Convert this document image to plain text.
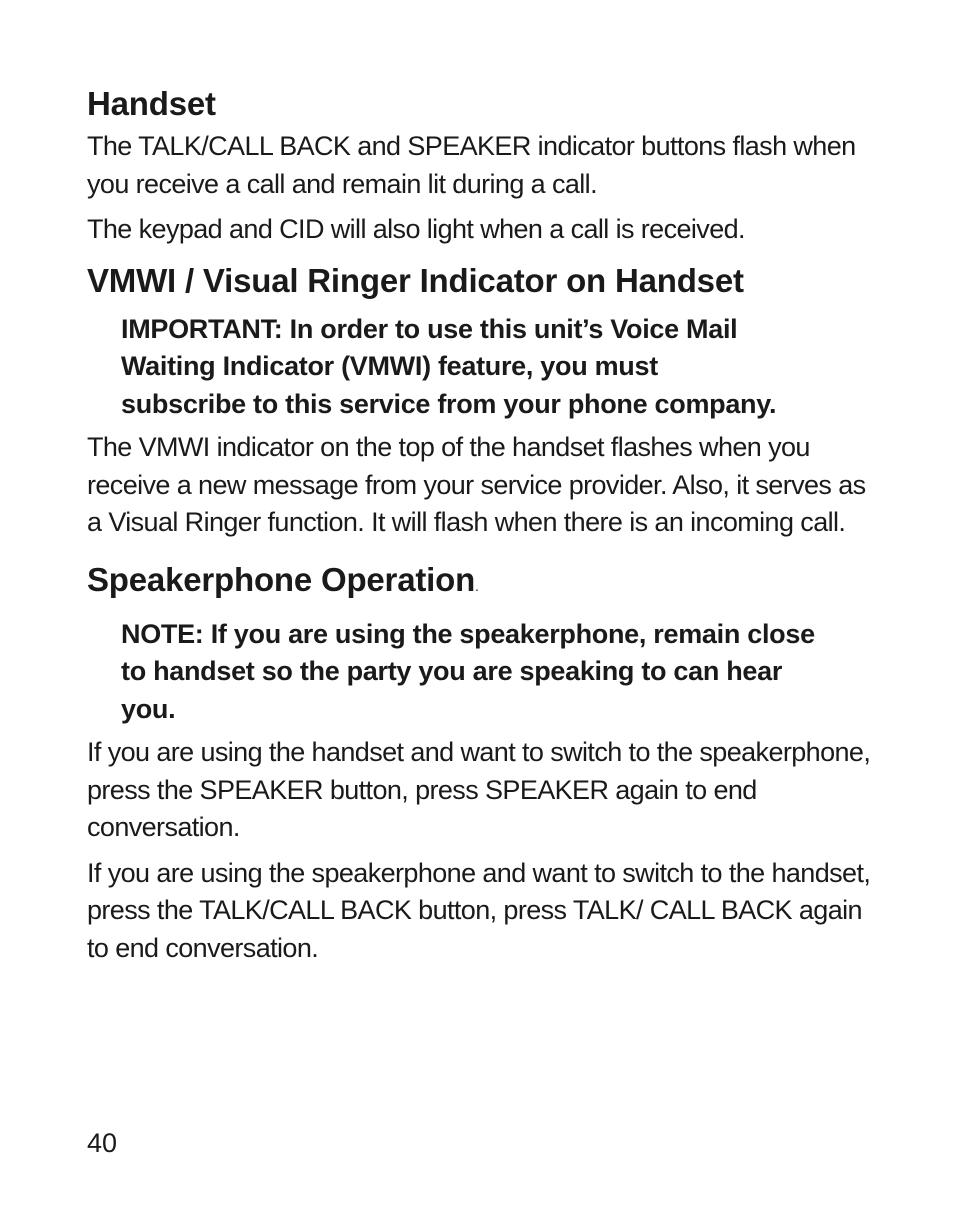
Handset

The TALK/CALL BACK and SPEAKER indicator buttons flash when you receive a call and remain lit during a call.

The keypad and CID will also light when a call is received.

VMWI / Visual Ringer Indicator on Handset
IMPORTANT: In order to use this unit’s Voice Mail Waiting Indicator (VMWI) feature, you must subscribe to this service from your phone company.

The VMWI indicator on the top of the handset flashes when you receive a new message from your service provider. Also, it serves as a Visual Ringer function. It will flash when there is an incoming call.

Speakerphone Operation.
NOTE: If you are using the speakerphone, remain close to handset so the party you are speaking to can hear you.

If you are using the handset and want to switch to the speakerphone, press the SPEAKER button, press SPEAKER again to end conversation.

If you are using the speakerphone and want to switch to the handset, press the TALK/CALL BACK button, press TALK/ CALL BACK again to end conversation.

40
